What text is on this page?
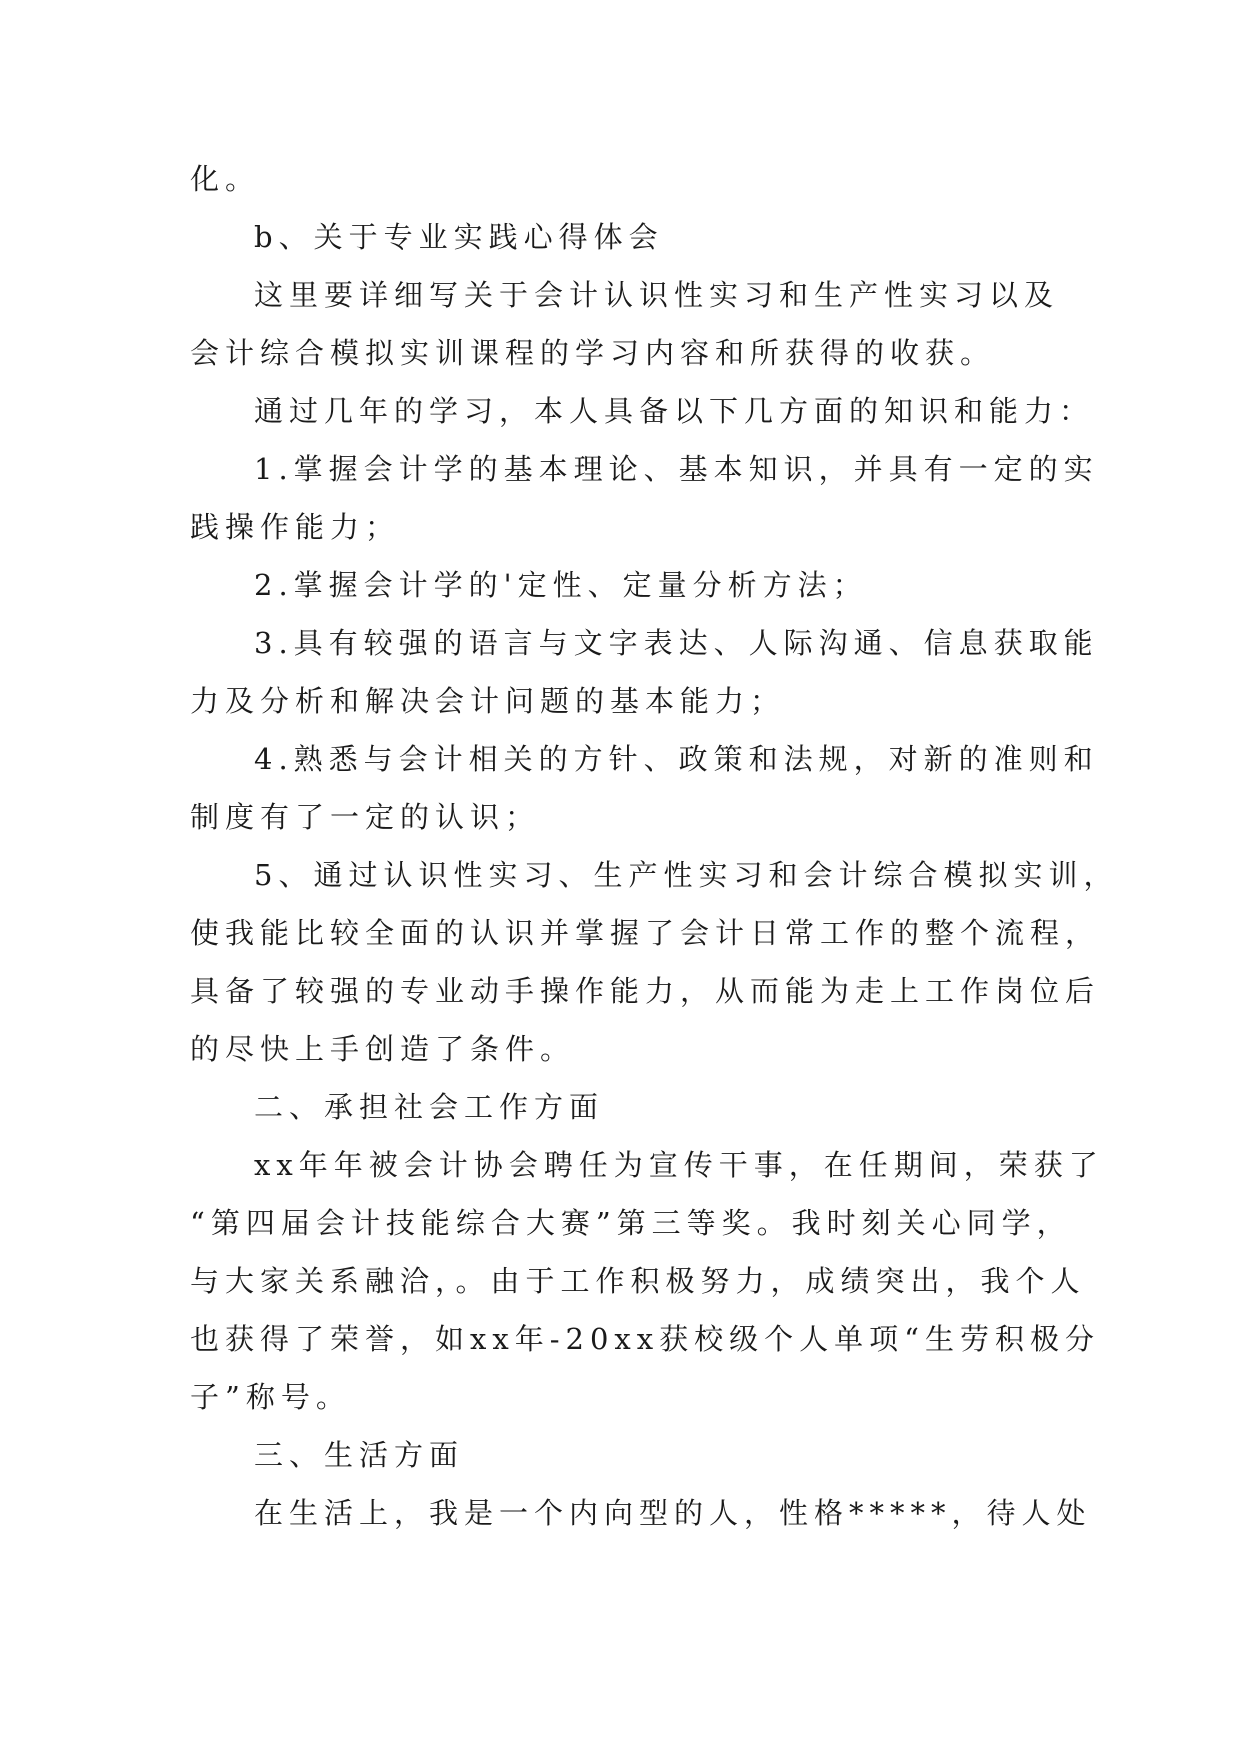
化。
b、关于专业实践心得体会
这里要详细写关于会计认识性实习和生产性实习以及
会计综合模拟实训课程的学习内容和所获得的收获。
通过几年的学习，本人具备以下几方面的知识和能力：
1.掌握会计学的基本理论、基本知识，并具有一定的实
践操作能力；
2.掌握会计学的'定性、定量分析方法；
3.具有较强的语言与文字表达、人际沟通、信息获取能
力及分析和解决会计问题的基本能力；
4.熟悉与会计相关的方针、政策和法规，对新的准则和
制度有了一定的认识；
5、通过认识性实习、生产性实习和会计综合模拟实训，
使我能比较全面的认识并掌握了会计日常工作的整个流程，
具备了较强的专业动手操作能力，从而能为走上工作岗位后
的尽快上手创造了条件。
二、承担社会工作方面
xx年年被会计协会聘任为宣传干事，在任期间，荣获了
“第四届会计技能综合大赛”第三等奖。我时刻关心同学，
与大家关系融洽，。由于工作积极努力，成绩突出，我个人
也获得了荣誉，如xx年-20xx获校级个人单项“生劳积极分
子”称号。
三、生活方面
在生活上，我是一个内向型的人，性格*****，待人处
